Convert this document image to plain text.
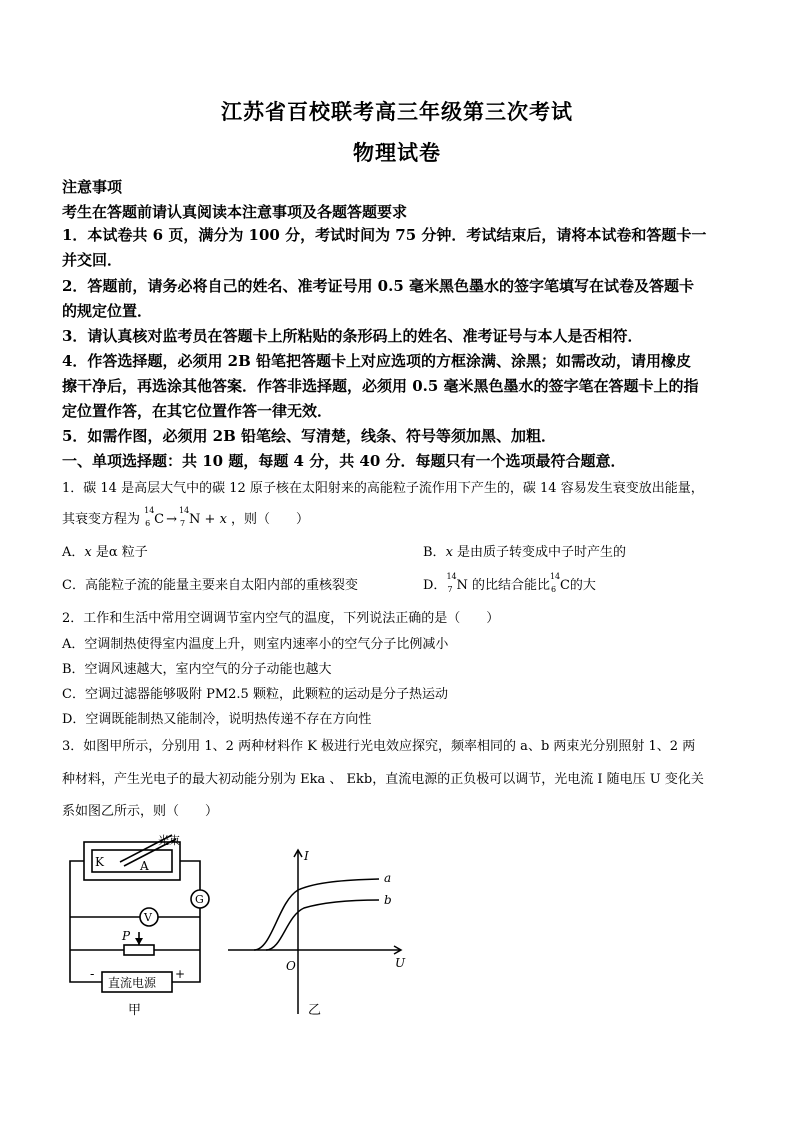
江苏省百校联考高三年级第三次考试
物理试卷
注意事项
考生在答题前请认真阅读本注意事项及各题答题要求
1．本试卷共 6 页，满分为 100 分，考试时间为 75 分钟．考试结束后，请将本试卷和答题卡一
并交回．
2．答题前，请务必将自己的姓名、准考证号用 0.5 毫米黑色墨水的签字笔填写在试卷及答题卡
的规定位置．
3．请认真核对监考员在答题卡上所粘贴的条形码上的姓名、准考证号与本人是否相符．
4．作答选择题，必须用 2B 铅笔把答题卡上对应选项的方框涂满、涂黑；如需改动，请用橡皮
擦干净后，再选涂其他答案．作答非选择题，必须用 0.5 毫米黑色墨水的签字笔在答题卡上的指
定位置作答，在其它位置作答一律无效．
5．如需作图，必须用 2B 铅笔绘、写清楚，线条、符号等须加黑、加粗．
一、单项选择题：共 10 题，每题 4 分，共 40 分．每题只有一个选项最符合题意．
1．碳 14 是高层大气中的碳 12 原子核在太阳射来的高能粒子流作用下产生的，碳 14 容易发生衰变放出能量，
其衰变方程为
14
6 C →
14
7 N + x ，则（　　）
A．x 是α 粒子	B．x 是由质子转变成中子时产生的
C．高能粒子流的能量主要来自太阳内部的重核裂变	D．
14
7 N 的比结合能比
14
6 C的大
2．工作和生活中常用空调调节室内空气的温度，下列说法正确的是（　　）
A．空调制热使得室内温度上升，则室内速率小的空气分子比例减小
B．空调风速越大，室内空气的分子动能也越大
C．空调过滤器能够吸附 PM2.5 颗粒，此颗粒的运动是分子热运动
D．空调既能制热又能制冷，说明热传递不存在方向性
3．如图甲所示，分别用 1、2 两种材料作 K 极进行光电效应探究，频率相同的 a、b 两束光分别照射 1、2 两
种材料，产生光电子的最大初动能分别为 Eka 、 Ekb，直流电源的正负极可以调节，光电流 I 随电压 U 变化关
系如图乙所示，则（　　）
光束
K	A
G
V
P
-	+
直流电源
甲
I
U
O
a
b
乙
